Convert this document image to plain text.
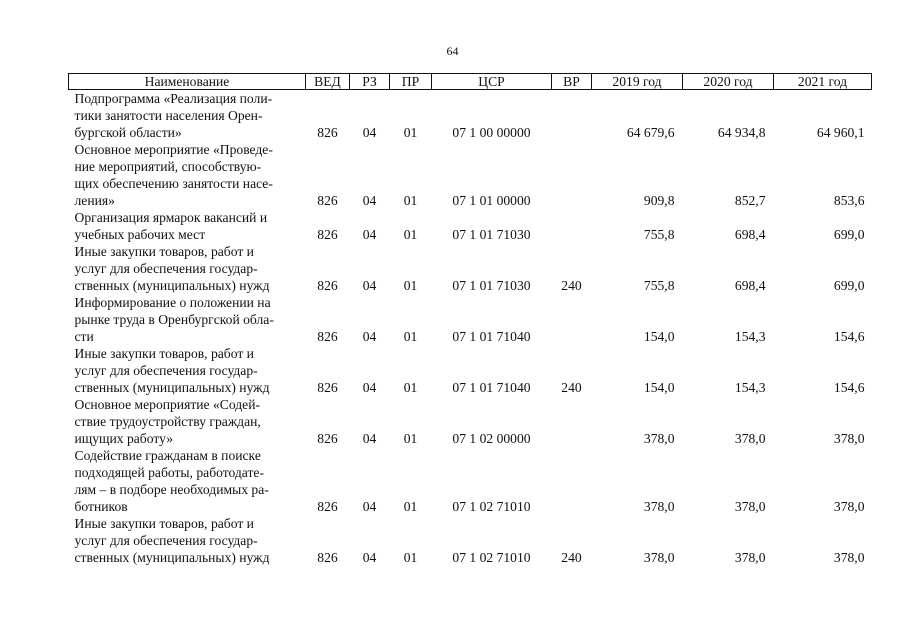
64
Наименование	ВЕД	РЗ	ПР	ЦСР	ВР	2019 год	2020 год	2021 год
Подпрограмма «Реализация поли-
тики занятости населения Орен-
бургской области»	826	04	01	07 1 00 00000		64 679,6	64 934,8	64 960,1
Основное мероприятие «Проведе-
ние мероприятий, способствую-
щих обеспечению занятости насе-
ления»	826	04	01	07 1 01 00000		909,8	852,7	853,6
Организация ярмарок вакансий и
учебных рабочих мест	826	04	01	07 1 01 71030		755,8	698,4	699,0
Иные закупки товаров, работ и
услуг для обеспечения государ-
ственных (муниципальных) нужд	826	04	01	07 1 01 71030	240	755,8	698,4	699,0
Информирование о положении на
рынке труда в Оренбургской обла-
сти	826	04	01	07 1 01 71040		154,0	154,3	154,6
Иные закупки товаров, работ и
услуг для обеспечения государ-
ственных (муниципальных) нужд	826	04	01	07 1 01 71040	240	154,0	154,3	154,6
Основное мероприятие «Содей-
ствие трудоустройству граждан,
ищущих работу»	826	04	01	07 1 02 00000		378,0	378,0	378,0
Содействие гражданам в поиске
подходящей работы, работодате-
лям – в подборе необходимых ра-
ботников	826	04	01	07 1 02 71010		378,0	378,0	378,0
Иные закупки товаров, работ и
услуг для обеспечения государ-
ственных (муниципальных) нужд	826	04	01	07 1 02 71010	240	378,0	378,0	378,0
